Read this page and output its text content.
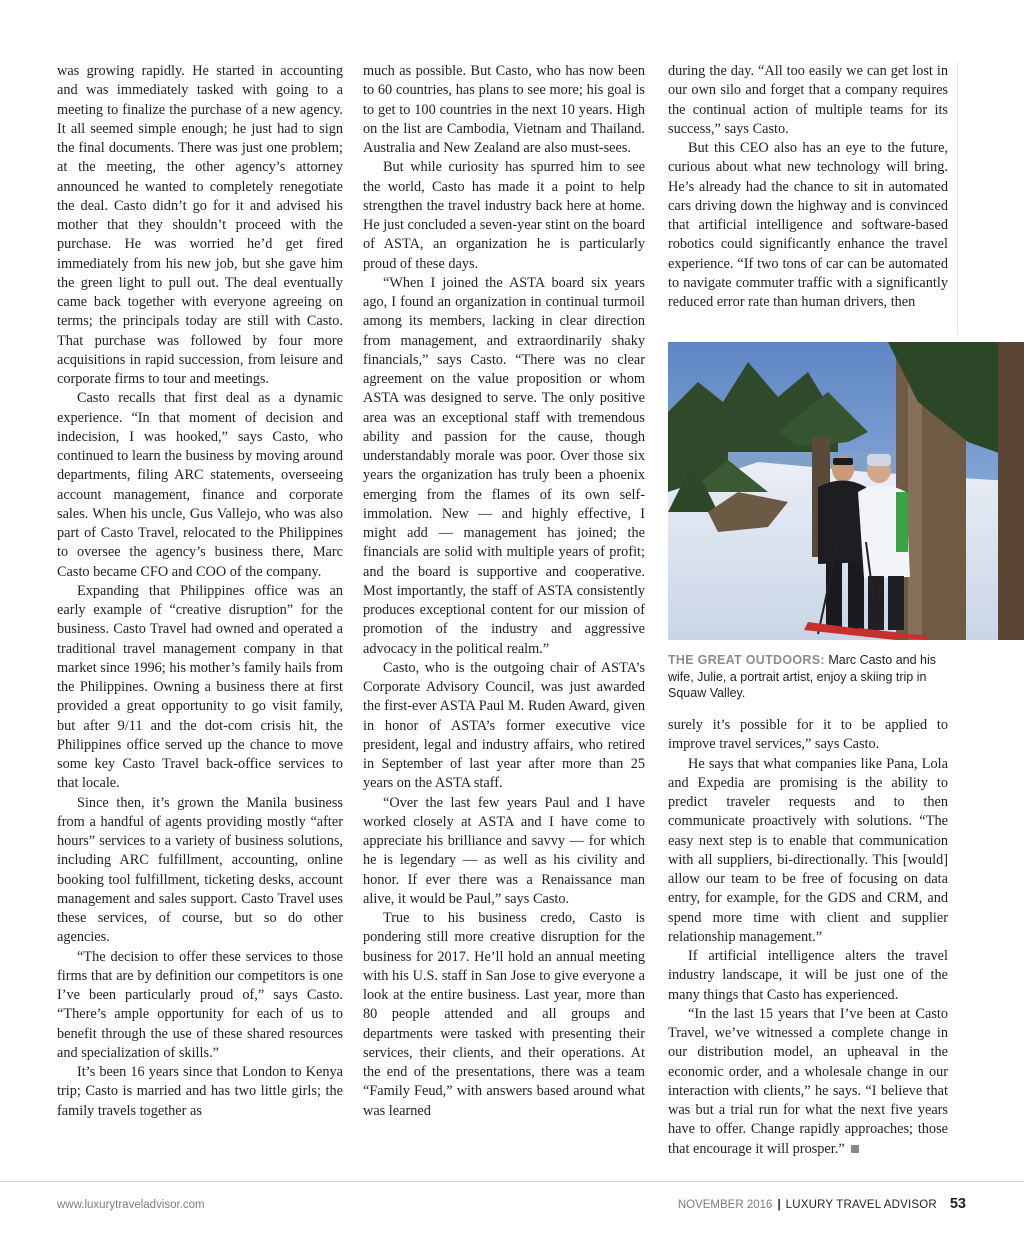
was growing rapidly. He started in accounting and was immediately tasked with going to a meeting to finalize the purchase of a new agency. It all seemed simple enough; he just had to sign the final documents. There was just one problem; at the meeting, the other agency’s attorney announced he wanted to completely renegotiate the deal. Casto didn’t go for it and advised his mother that they shouldn’t proceed with the purchase. He was worried he’d get fired immediately from his new job, but she gave him the green light to pull out. The deal eventually came back together with everyone agreeing on terms; the principals today are still with Casto. That purchase was followed by four more acquisitions in rapid succession, from leisure and corporate firms to tour and meetings.

Casto recalls that first deal as a dynamic experience. “In that moment of decision and indecision, I was hooked,” says Casto, who continued to learn the business by moving around departments, filing ARC statements, overseeing account management, finance and corporate sales. When his uncle, Gus Vallejo, who was also part of Casto Travel, relocated to the Philippines to oversee the agency’s business there, Marc Casto became CFO and COO of the company.

Expanding that Philippines office was an early example of “creative disruption” for the business. Casto Travel had owned and operated a traditional travel management company in that market since 1996; his mother’s family hails from the Philippines. Owning a business there at first provided a great opportunity to go visit family, but after 9/11 and the dot-com crisis hit, the Philippines office served up the chance to move some key Casto Travel back-office services to that locale.

Since then, it’s grown the Manila business from a handful of agents providing mostly “after hours” services to a variety of business solutions, including ARC fulfillment, accounting, online booking tool fulfillment, ticketing desks, account management and sales support. Casto Travel uses these services, of course, but so do other agencies.

“The decision to offer these services to those firms that are by definition our competitors is one I’ve been particularly proud of,” says Casto. “There’s ample opportunity for each of us to benefit through the use of these shared resources and specialization of skills.”

It’s been 16 years since that London to Kenya trip; Casto is married and has two little girls; the family travels together as

much as possible. But Casto, who has now been to 60 countries, has plans to see more; his goal is to get to 100 countries in the next 10 years. High on the list are Cambodia, Vietnam and Thailand. Australia and New Zealand are also must-sees.

But while curiosity has spurred him to see the world, Casto has made it a point to help strengthen the travel industry back here at home. He just concluded a seven-year stint on the board of ASTA, an organization he is particularly proud of these days.

“When I joined the ASTA board six years ago, I found an organization in continual turmoil among its members, lacking in clear direction from management, and extraordinarily shaky financials,” says Casto. “There was no clear agreement on the value proposition or whom ASTA was designed to serve. The only positive area was an exceptional staff with tremendous ability and passion for the cause, though understandably morale was poor. Over those six years the organization has truly been a phoenix emerging from the flames of its own self-immolation. New — and highly effective, I might add — management has joined; the financials are solid with multiple years of profit; and the board is supportive and cooperative. Most importantly, the staff of ASTA consistently produces exceptional content for our mission of promotion of the industry and aggressive advocacy in the political realm.”

Casto, who is the outgoing chair of ASTA’s Corporate Advisory Council, was just awarded the first-ever ASTA Paul M. Ruden Award, given in honor of ASTA’s former executive vice president, legal and industry affairs, who retired in September of last year after more than 25 years on the ASTA staff.

“Over the last few years Paul and I have worked closely at ASTA and I have come to appreciate his brilliance and savvy — for which he is legendary — as well as his civility and honor. If ever there was a Renaissance man alive, it would be Paul,” says Casto.

True to his business credo, Casto is pondering still more creative disruption for the business for 2017. He’ll hold an annual meeting with his U.S. staff in San Jose to give everyone a look at the entire business. Last year, more than 80 people attended and all groups and departments were tasked with presenting their services, their clients, and their operations. At the end of the presentations, there was a team “Family Feud,” with answers based around what was learned

during the day. “All too easily we can get lost in our own silo and forget that a company requires the continual action of multiple teams for its success,” says Casto.

But this CEO also has an eye to the future, curious about what new technology will bring. He’s already had the chance to sit in automated cars driving down the highway and is convinced that artificial intelligence and software-based robotics could significantly enhance the travel experience. “If two tons of car can be automated to navigate commuter traffic with a significantly reduced error rate than human drivers, then

THE GREAT OUTDOORS: Marc Casto and his wife, Julie, a portrait artist, enjoy a skiing trip in Squaw Valley.

surely it’s possible for it to be applied to improve travel services,” says Casto.

He says that what companies like Pana, Lola and Expedia are promising is the ability to predict traveler requests and to then communicate proactively with solutions. “The easy next step is to enable that communication with all suppliers, bi-directionally. This [would] allow our team to be free of focusing on data entry, for example, for the GDS and CRM, and spend more time with client and supplier relationship management.”

If artificial intelligence alters the travel industry landscape, it will be just one of the many things that Casto has experienced.

“In the last 15 years that I’ve been at Casto Travel, we’ve witnessed a complete change in our distribution model, an upheaval in the economic order, and a wholesale change in our interaction with clients,” he says. “I believe that was but a trial run for what the next five years have to offer. Change rapidly approaches; those that encourage it will prosper.”

www.luxurytraveladvisor.com	NOVEMBER 2016 | LUXURY TRAVEL ADVISOR 53
